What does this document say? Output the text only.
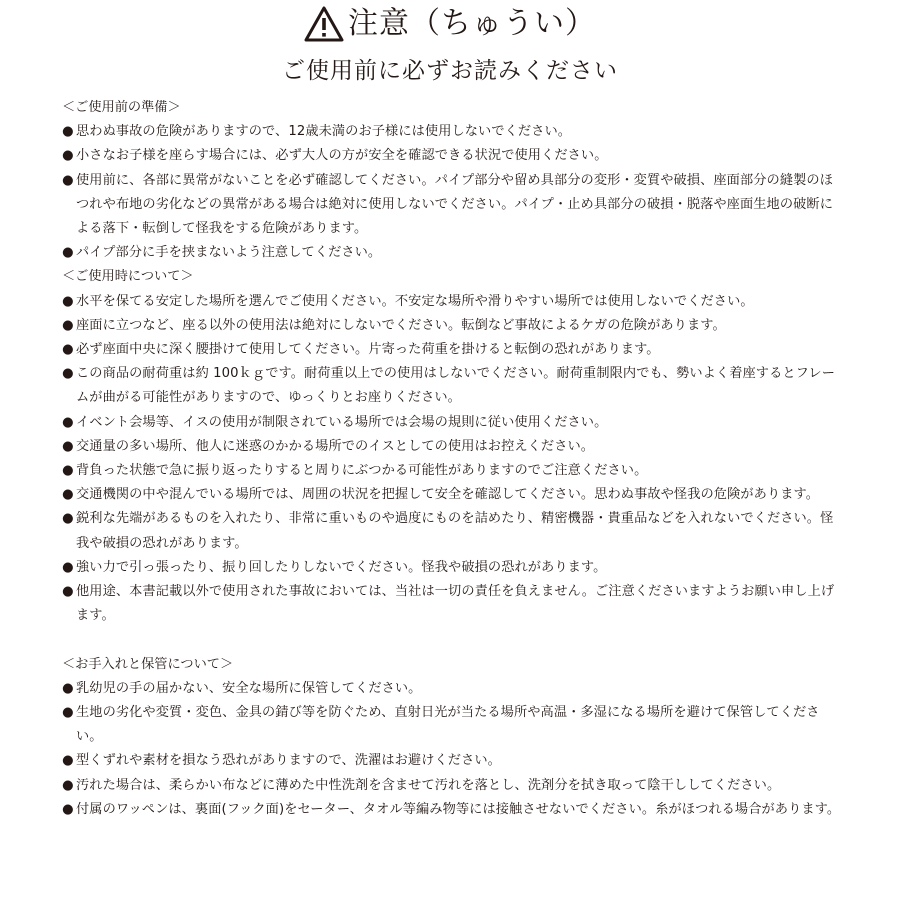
注意（ちゅうい）
ご使用前に必ずお読みください
＜ご使用前の準備＞
● 思わぬ事故の危険がありますので、12歳未満のお子様には使用しないでください。
● 小さなお子様を座らす場合には、必ず大人の方が安全を確認できる状況で使用ください。
● 使用前に、各部に異常がないことを必ず確認してください。パイプ部分や留め具部分の変形・変質や破損、座面部分の縫製のほつれや布地の劣化などの異常がある場合は絶対に使用しないでください。パイプ・止め具部分の破損・脱落や座面生地の破断による落下・転倒して怪我をする危険があります。
● パイプ部分に手を挟まないよう注意してください。
＜ご使用時について＞
● 水平を保てる安定した場所を選んでご使用ください。不安定な場所や滑りやすい場所では使用しないでください。
● 座面に立つなど、座る以外の使用法は絶対にしないでください。転倒など事故によるケガの危険があります。
● 必ず座面中央に深く腰掛けて使用してください。片寄った荷重を掛けると転倒の恐れがあります。
● この商品の耐荷重は約 100ｋｇです。耐荷重以上での使用はしないでください。耐荷重制限内でも、勢いよく着座するとフレームが曲がる可能性がありますので、ゆっくりとお座りください。
● イベント会場等、イスの使用が制限されている場所では会場の規則に従い使用ください。
● 交通量の多い場所、他人に迷惑のかかる場所でのイスとしての使用はお控えください。
● 背負った状態で急に振り返ったりすると周りにぶつかる可能性がありますのでご注意ください。
● 交通機関の中や混んでいる場所では、周囲の状況を把握して安全を確認してください。思わぬ事故や怪我の危険があります。
● 鋭利な先端があるものを入れたり、非常に重いものや過度にものを詰めたり、精密機器・貴重品などを入れないでください。怪我や破損の恐れがあります。
● 強い力で引っ張ったり、振り回したりしないでください。怪我や破損の恐れがあります。
● 他用途、本書記載以外で使用された事故においては、当社は一切の責任を負えません。ご注意くださいますようお願い申し上げます。
＜お手入れと保管について＞
● 乳幼児の手の届かない、安全な場所に保管してください。
● 生地の劣化や変質・変色、金具の錆び等を防ぐため、直射日光が当たる場所や高温・多湿になる場所を避けて保管してください。
● 型くずれや素材を損なう恐れがありますので、洗濯はお避けください。
● 汚れた場合は、柔らかい布などに薄めた中性洗剤を含ませて汚れを落とし、洗剤分を拭き取って陰干ししてください。
● 付属のワッペンは、裏面(フック面)をセーター、タオル等編み物等には接触させないでください。糸がほつれる場合があります。
